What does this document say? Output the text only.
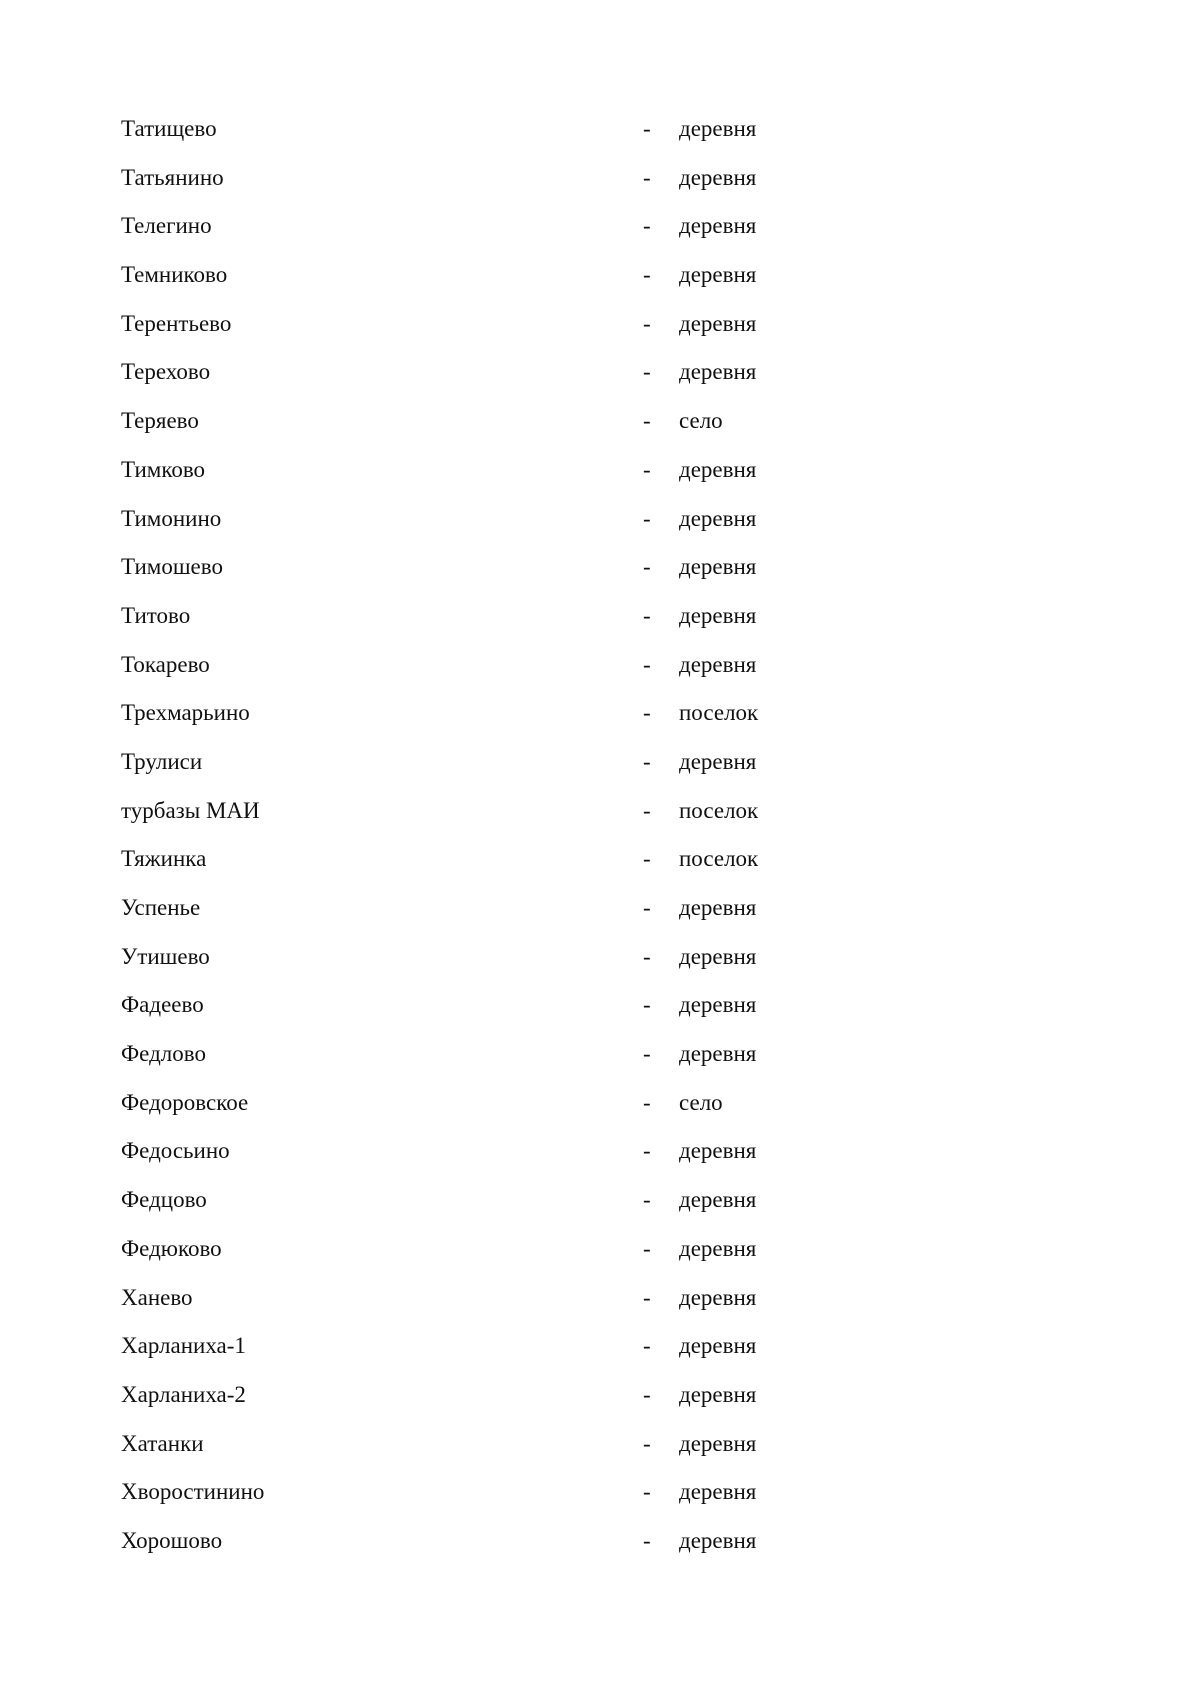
Татищево	- деревня
Татьянино	- деревня
Телегино	- деревня
Темниково	- деревня
Терентьево	- деревня
Терехово	- деревня
Теряево	- село
Тимково	- деревня
Тимонино	- деревня
Тимошево	- деревня
Титово	- деревня
Токарево	- деревня
Трехмарьино	- поселок
Трулиси	- деревня
турбазы МАИ	- поселок
Тяжинка	- поселок
Успенье	- деревня
Утишево	- деревня
Фадеево	- деревня
Федлово	- деревня
Федоровское	- село
Федосьино	- деревня
Федцово	- деревня
Федюково	- деревня
Ханево	- деревня
Харланиха-1	- деревня
Харланиха-2	- деревня
Хатанки	- деревня
Хворостинино	- деревня
Хорошово	- деревня
